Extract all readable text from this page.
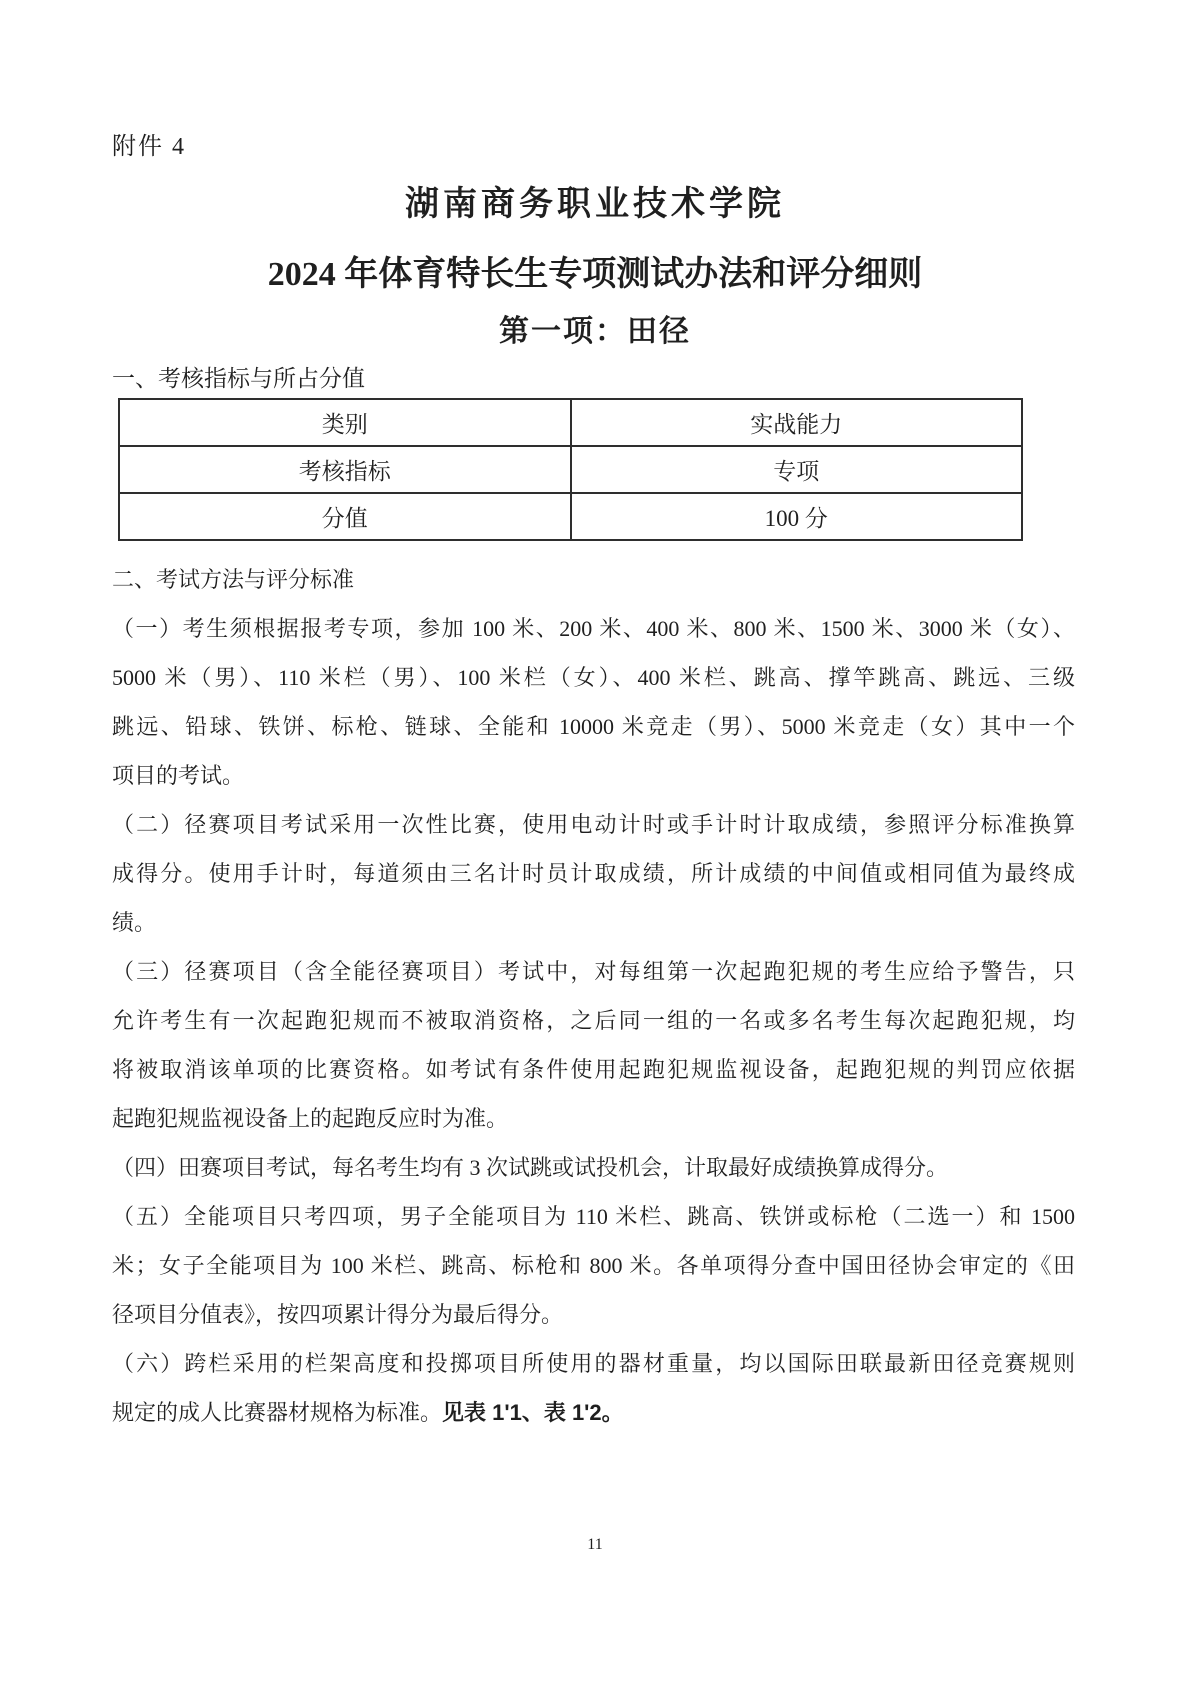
附件 4
湖南商务职业技术学院
2024 年体育特长生专项测试办法和评分细则
第一项：田径
一、考核指标与所占分值
类别	实战能力
考核指标	专项
分值	100 分
二、考试方法与评分标准
（一）考生须根据报考专项，参加 100 米、200 米、400 米、800 米、1500 米、3000 米（女）、
5000 米（男）、110 米栏（男）、100 米栏（女）、400 米栏、跳高、撑竿跳高、跳远、三级
跳远、铅球、铁饼、标枪、链球、全能和 10000 米竞走（男）、5000 米竞走（女）其中一个
项目的考试。
（二）径赛项目考试采用一次性比赛，使用电动计时或手计时计取成绩，参照评分标准换算
成得分。使用手计时，每道须由三名计时员计取成绩，所计成绩的中间值或相同值为最终成
绩。
（三）径赛项目（含全能径赛项目）考试中，对每组第一次起跑犯规的考生应给予警告，只
允许考生有一次起跑犯规而不被取消资格，之后同一组的一名或多名考生每次起跑犯规，均
将被取消该单项的比赛资格。如考试有条件使用起跑犯规监视设备，起跑犯规的判罚应依据
起跑犯规监视设备上的起跑反应时为准。
（四）田赛项目考试，每名考生均有 3 次试跳或试投机会，计取最好成绩换算成得分。
（五）全能项目只考四项，男子全能项目为 110 米栏、跳高、铁饼或标枪（二选一）和 1500
米；女子全能项目为 100 米栏、跳高、标枪和 800 米。各单项得分查中国田径协会审定的《田
径项目分值表》，按四项累计得分为最后得分。
（六）跨栏采用的栏架高度和投掷项目所使用的器材重量，均以国际田联最新田径竞赛规则
规定的成人比赛器材规格为标准。见表 1'1、表 1'2。
11
